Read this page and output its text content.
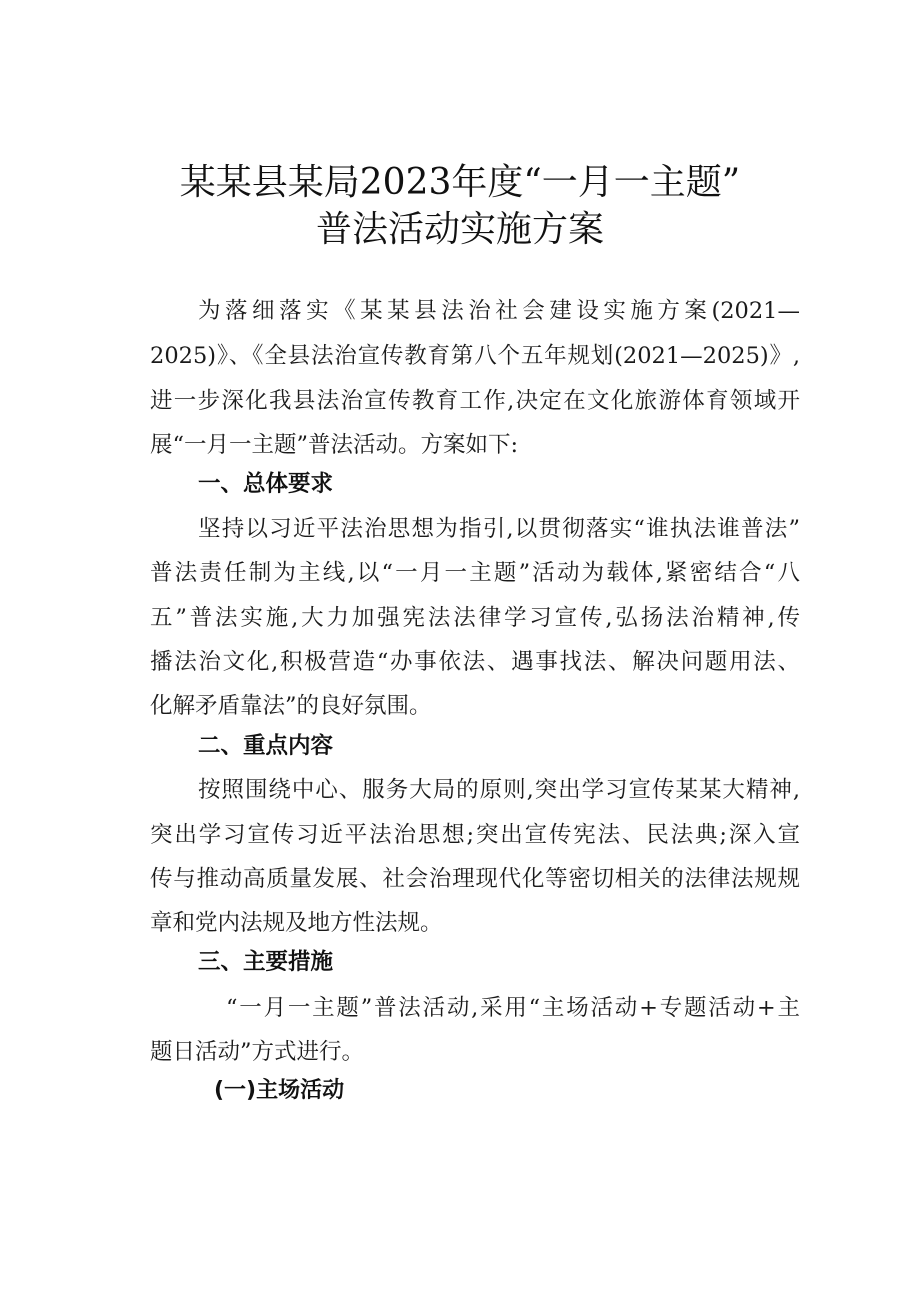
某某县某局2023年度“一月一主题”
普法活动实施方案

为落细落实《某某县法治社会建设实施方案(2021—

2025)》、《全县法治宣传教育第八个五年规划(2021—2025)》,

进一步深化我县法治宣传教育工作,决定在文化旅游体育领域开

展“一月一主题”普法活动。方案如下:

一、总体要求

坚持以习近平法治思想为指引,以贯彻落实“谁执法谁普法”

普法责任制为主线,以“一月一主题”活动为载体,紧密结合“八

五”普法实施,大力加强宪法法律学习宣传,弘扬法治精神,传

播法治文化,积极营造“办事依法、遇事找法、解决问题用法、

化解矛盾靠法”的良好氛围。

二、重点内容

按照围绕中心、服务大局的原则,突出学习宣传某某大精神,

突出学习宣传习近平法治思想;突出宣传宪法、民法典;深入宣

传与推动高质量发展、社会治理现代化等密切相关的法律法规规

章和党内法规及地方性法规。

三、主要措施

“一月一主题”普法活动,采用“主场活动+专题活动+主

题日活动”方式进行。

(一)主场活动
